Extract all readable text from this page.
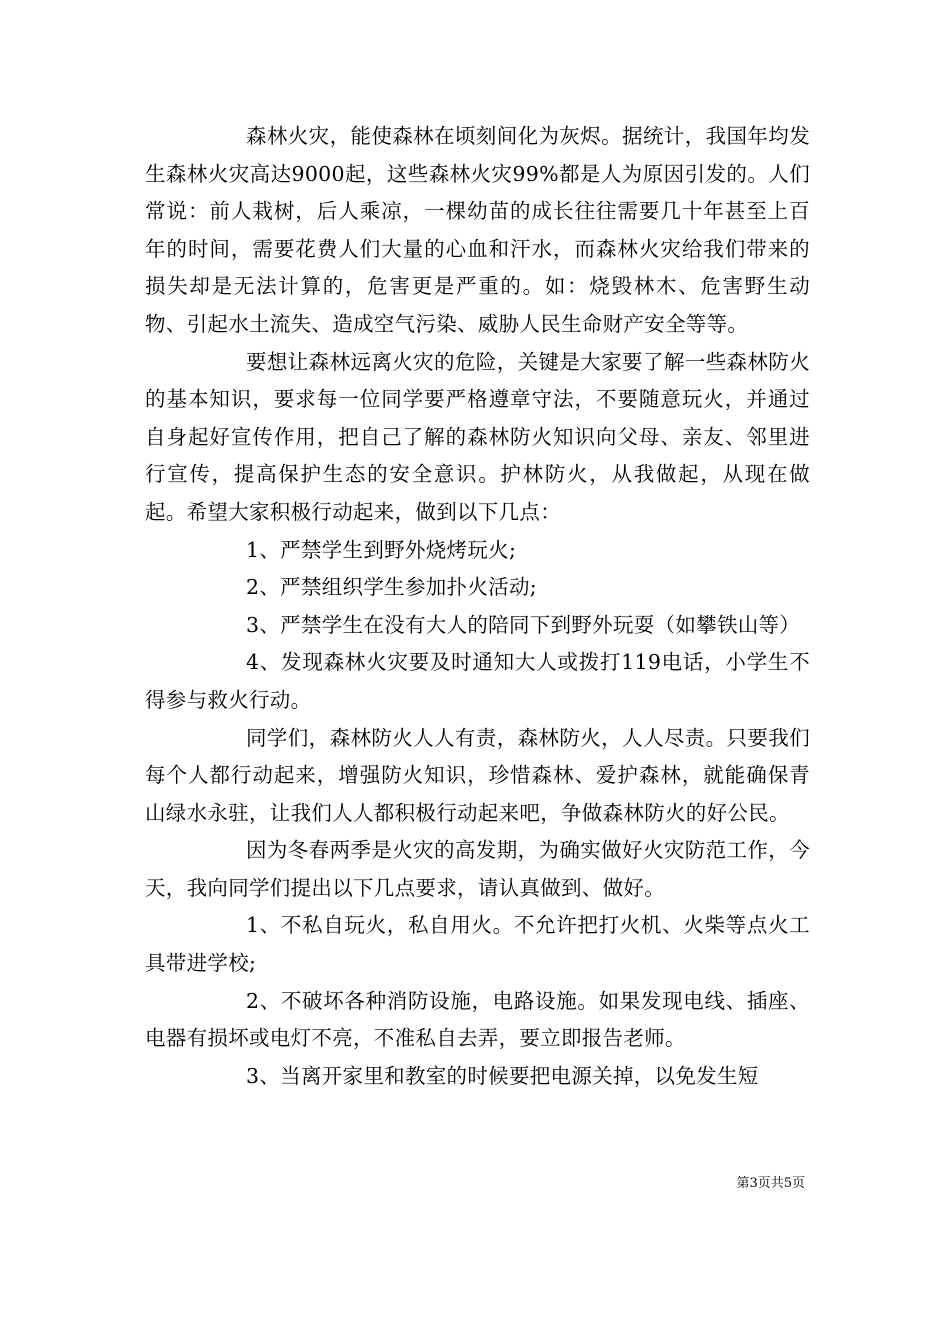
森林火灾，能使森林在顷刻间化为灰烬。据统计，我国年均发生森林火灾高达9000起，这些森林火灾99%都是人为原因引发的。人们常说：前人栽树，后人乘凉，一棵幼苗的成长往往需要几十年甚至上百年的时间，需要花费人们大量的心血和汗水，而森林火灾给我们带来的损失却是无法计算的，危害更是严重的。如：烧毁林木、危害野生动物、引起水土流失、造成空气污染、威胁人民生命财产安全等等。

要想让森林远离火灾的危险，关键是大家要了解一些森林防火的基本知识，要求每一位同学要严格遵章守法，不要随意玩火，并通过自身起好宣传作用，把自己了解的森林防火知识向父母、亲友、邻里进行宣传，提高保护生态的安全意识。护林防火，从我做起，从现在做起。希望大家积极行动起来，做到以下几点：

1、严禁学生到野外烧烤玩火;

2、严禁组织学生参加扑火活动;

3、严禁学生在没有大人的陪同下到野外玩耍（如攀铁山等）

4、发现森林火灾要及时通知大人或拨打119电话，小学生不得参与救火行动。

同学们，森林防火人人有责，森林防火，人人尽责。只要我们每个人都行动起来，增强防火知识，珍惜森林、爱护森林，就能确保青山绿水永驻，让我们人人都积极行动起来吧，争做森林防火的好公民。

因为冬春两季是火灾的高发期，为确实做好火灾防范工作，今天，我向同学们提出以下几点要求，请认真做到、做好。

1、不私自玩火，私自用火。不允许把打火机、火柴等点火工具带进学校;

2、不破坏各种消防设施，电路设施。如果发现电线、插座、电器有损坏或电灯不亮，不准私自去弄，要立即报告老师。

3、当离开家里和教室的时候要把电源关掉，以免发生短

第3页共5页
